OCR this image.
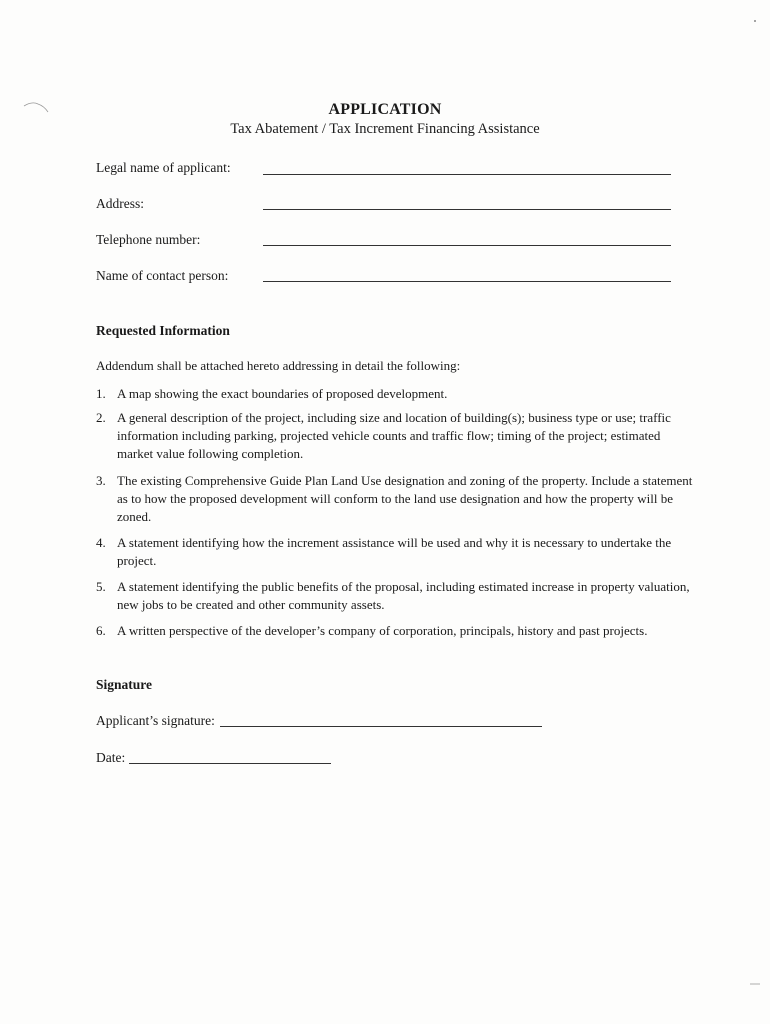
APPLICATION
Tax Abatement / Tax Increment Financing Assistance
Legal name of applicant:
Address:
Telephone number:
Name of contact person:
Requested Information
Addendum shall be attached hereto addressing in detail the following:
1. A map showing the exact boundaries of proposed development.
2. A general description of the project, including size and location of building(s); business type or use; traffic information including parking, projected vehicle counts and traffic flow; timing of the project; estimated market value following completion.
3. The existing Comprehensive Guide Plan Land Use designation and zoning of the property. Include a statement as to how the proposed development will conform to the land use designation and how the property will be zoned.
4. A statement identifying how the increment assistance will be used and why it is necessary to undertake the project.
5. A statement identifying the public benefits of the proposal, including estimated increase in property valuation, new jobs to be created and other community assets.
6. A written perspective of the developer’s company of corporation, principals, history and past projects.
Signature
Applicant’s signature:
Date:
